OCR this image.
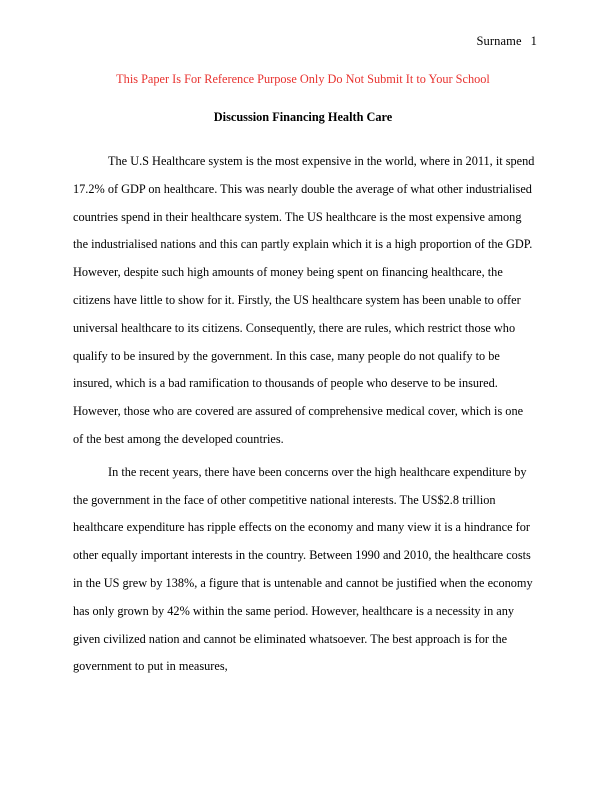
Surname 1
This Paper Is For Reference Purpose Only Do Not Submit It to Your School
Discussion Financing Health Care

The U.S Healthcare system is the most expensive in the world, where in 2011, it spend 17.2% of GDP on healthcare. This was nearly double the average of what other industrialised countries spend in their healthcare system. The US healthcare is the most expensive among the industrialised nations and this can partly explain which it is a high proportion of the GDP. However, despite such high amounts of money being spent on financing healthcare, the citizens have little to show for it. Firstly, the US healthcare system has been unable to offer universal healthcare to its citizens. Consequently, there are rules, which restrict those who qualify to be insured by the government. In this case, many people do not qualify to be insured, which is a bad ramification to thousands of people who deserve to be insured. However, those who are covered are assured of comprehensive medical cover, which is one of the best among the developed countries.

In the recent years, there have been concerns over the high healthcare expenditure by the government in the face of other competitive national interests. The US$2.8 trillion healthcare expenditure has ripple effects on the economy and many view it is a hindrance for other equally important interests in the country. Between 1990 and 2010, the healthcare costs in the US grew by 138%, a figure that is untenable and cannot be justified when the economy has only grown by 42% within the same period. However, healthcare is a necessity in any given civilized nation and cannot be eliminated whatsoever. The best approach is for the government to put in measures,
